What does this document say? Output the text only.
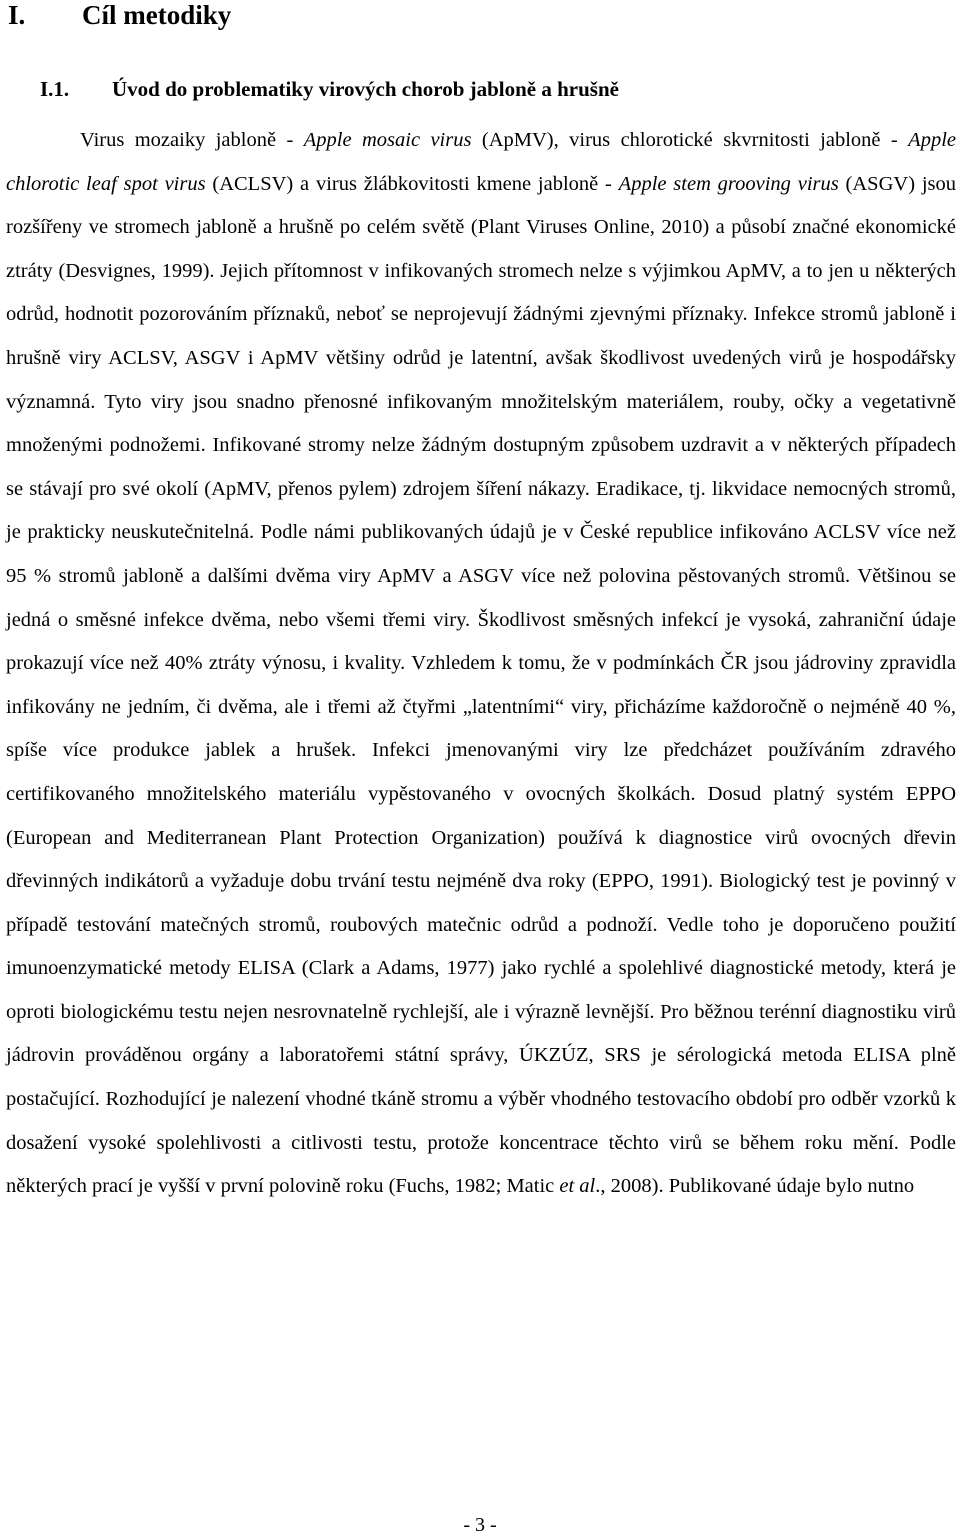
I. Cíl metodiky
I.1. Úvod do problematiky virových chorob jabloně a hrušně

Virus mozaiky jabloně - Apple mosaic virus (ApMV), virus chlorotické skvrnitosti jabloně - Apple chlorotic leaf spot virus (ACLSV) a virus žlábkovitosti kmene jabloně - Apple stem grooving virus (ASGV) jsou rozšířeny ve stromech jabloně a hrušně po celém světě (Plant Viruses Online, 2010) a působí značné ekonomické ztráty (Desvignes, 1999). Jejich přítomnost v infikovaných stromech nelze s výjimkou ApMV, a to jen u některých odrůd, hodnotit pozorováním příznaků, neboť se neprojevují žádnými zjevnými příznaky. Infekce stromů jabloně i hrušně viry ACLSV, ASGV i ApMV většiny odrůd je latentní, avšak škodlivost uvedených virů je hospodářsky významná. Tyto viry jsou snadno přenosné infikovaným množitelským materiálem, rouby, očky a vegetativně množenými podnožemi. Infikované stromy nelze žádným dostupným způsobem uzdravit a v některých případech se stávají pro své okolí (ApMV, přenos pylem) zdrojem šíření nákazy. Eradikace, tj. likvidace nemocných stromů, je prakticky neuskutečnitelná. Podle námi publikovaných údajů je v České republice infikováno ACLSV více než 95 % stromů jabloně a dalšími dvěma viry ApMV a ASGV více než polovina pěstovaných stromů. Většinou se jedná o směsné infekce dvěma, nebo všemi třemi viry. Škodlivost směsných infekcí je vysoká, zahraniční údaje prokazují více než 40% ztráty výnosu, i kvality. Vzhledem k tomu, že v podmínkách ČR jsou jádroviny zpravidla infikovány ne jedním, či dvěma, ale i třemi až čtyřmi „latentními“ viry, přicházíme každoročně o nejméně 40 %, spíše více produkce jablek a hrušek. Infekci jmenovanými viry lze předcházet používáním zdravého certifikovaného množitelského materiálu vypěstovaného v ovocných školkách. Dosud platný systém EPPO (European and Mediterranean Plant Protection Organization) používá k diagnostice virů ovocných dřevin dřevinných indikátorů a vyžaduje dobu trvání testu nejméně dva roky (EPPO, 1991). Biologický test je povinný v případě testování matečných stromů, roubových matečnic odrůd a podnoží. Vedle toho je doporučeno použití imunoenzymatické metody ELISA (Clark a Adams, 1977) jako rychlé a spolehlivé diagnostické metody, která je oproti biologickému testu nejen nesrovnatelně rychlejší, ale i výrazně levnější. Pro běžnou terénní diagnostiku virů jádrovin prováděnou orgány a laboratořemi státní správy, ÚKZÚZ, SRS je sérologická metoda ELISA plně postačující. Rozhodující je nalezení vhodné tkáně stromu a výběr vhodného testovacího období pro odběr vzorků k dosažení vysoké spolehlivosti a citlivosti testu, protože koncentrace těchto virů se během roku mění. Podle některých prací je vyšší v první polovině roku (Fuchs, 1982; Matic et al., 2008). Publikované údaje bylo nutno

- 3 -
